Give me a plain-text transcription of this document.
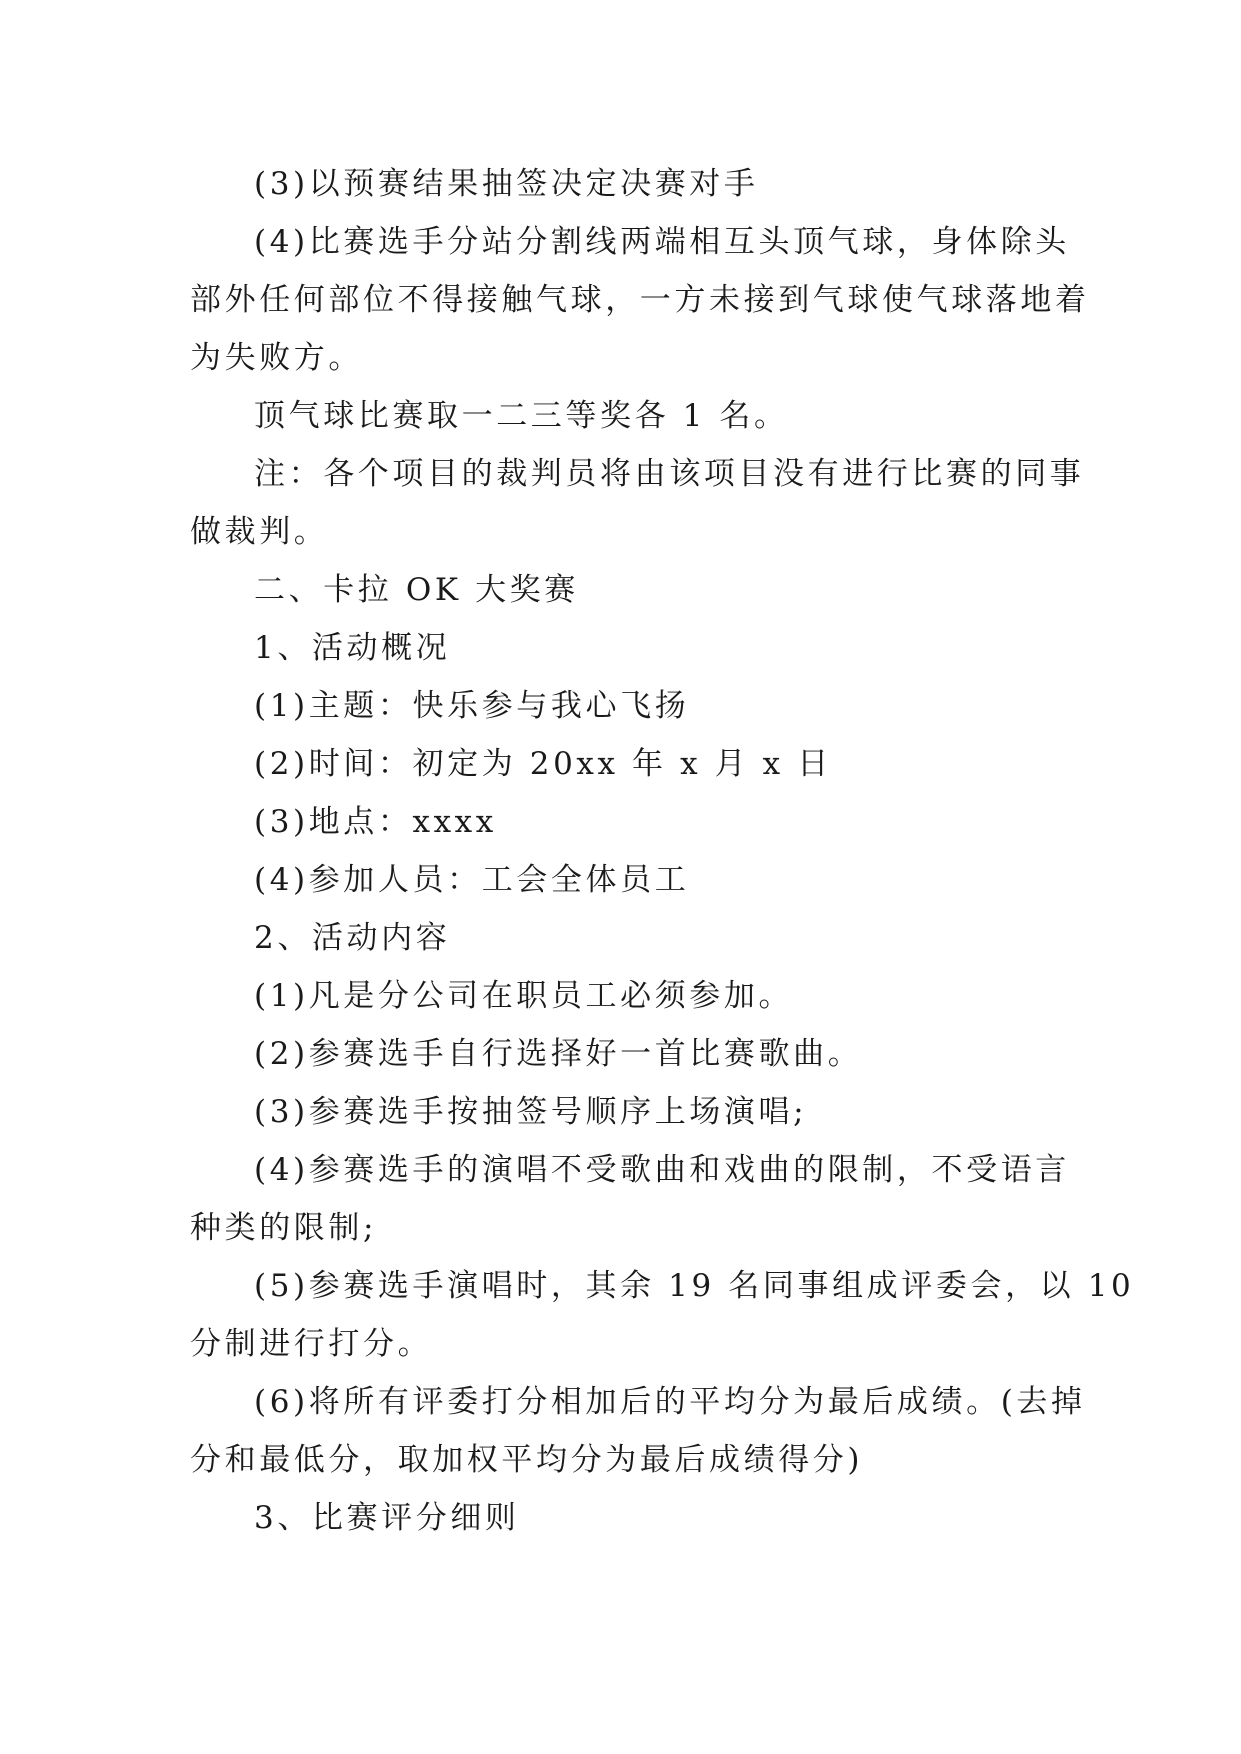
(3)以预赛结果抽签决定决赛对手
(4)比赛选手分站分割线两端相互头顶气球，身体除头
部外任何部位不得接触气球，一方未接到气球使气球落地着
为失败方。
顶气球比赛取一二三等奖各 1 名。
注：各个项目的裁判员将由该项目没有进行比赛的同事
做裁判。
二、卡拉 OK 大奖赛
1、活动概况
(1)主题：快乐参与我心飞扬
(2)时间：初定为 20xx 年 x 月 x 日
(3)地点：xxxx
(4)参加人员：工会全体员工
2、活动内容
(1)凡是分公司在职员工必须参加。
(2)参赛选手自行选择好一首比赛歌曲。
(3)参赛选手按抽签号顺序上场演唱;
(4)参赛选手的演唱不受歌曲和戏曲的限制，不受语言
种类的限制;
(5)参赛选手演唱时，其余 19 名同事组成评委会，以 10
分制进行打分。
(6)将所有评委打分相加后的平均分为最后成绩。(去掉
分和最低分，取加权平均分为最后成绩得分)
3、比赛评分细则
